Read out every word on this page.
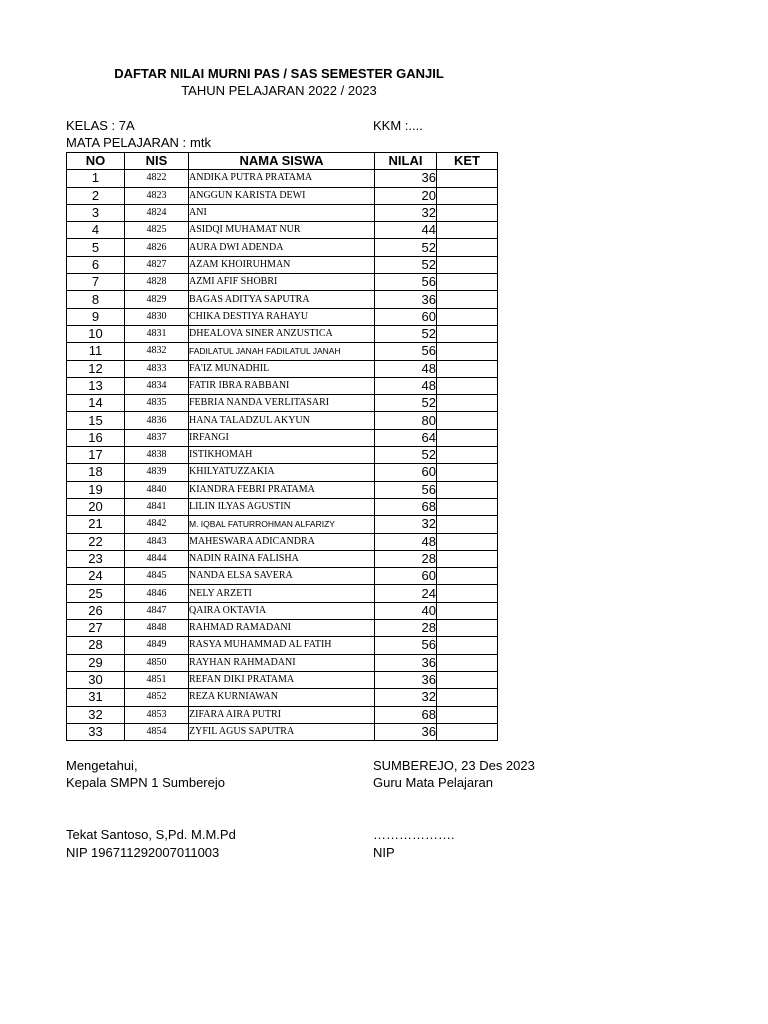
DAFTAR NILAI MURNI PAS / SAS SEMESTER GANJIL
TAHUN PELAJARAN 2022 / 2023
KELAS : 7A	KKM :....
MATA PELAJARAN : mtk
NO	NIS	NAMA SISWA	NILAI	KET
1	4822	ANDIKA PUTRA PRATAMA	36	
2	4823	ANGGUN KARISTA DEWI	20	
3	4824	ANI	32	
4	4825	ASIDQI MUHAMAT NUR	44	
5	4826	AURA DWI ADENDA	52	
6	4827	AZAM KHOIRUHMAN	52	
7	4828	AZMI AFIF SHOBRI	56	
8	4829	BAGAS ADITYA SAPUTRA	36	
9	4830	CHIKA DESTIYA RAHAYU	60	
10	4831	DHEALOVA SINER ANZUSTICA	52	
11	4832	FADILATUL JANAH FADILATUL JANAH	56	
12	4833	FA'IZ MUNADHIL	48	
13	4834	FATIR IBRA RABBANI	48	
14	4835	FEBRIA NANDA VERLITASARI	52	
15	4836	HANA TALADZUL AKYUN	80	
16	4837	IRFANGI	64	
17	4838	ISTIKHOMAH	52	
18	4839	KHILYATUZZAKIA	60	
19	4840	KIANDRA FEBRI PRATAMA	56	
20	4841	LILIN ILYAS AGUSTIN	68	
21	4842	M. IQBAL FATURROHMAN ALFARIZY	32	
22	4843	MAHESWARA ADICANDRA	48	
23	4844	NADIN RAINA FALISHA	28	
24	4845	NANDA ELSA SAVERA	60	
25	4846	NELY ARZETI	24	
26	4847	QAIRA OKTAVIA	40	
27	4848	RAHMAD RAMADANI	28	
28	4849	RASYA MUHAMMAD AL FATIH	56	
29	4850	RAYHAN RAHMADANI	36	
30	4851	REFAN DIKI PRATAMA	36	
31	4852	REZA KURNIAWAN	32	
32	4853	ZIFARA AIRA PUTRI	68	
33	4854	ZYFIL AGUS SAPUTRA	36	
Mengetahui,
Kepala SMPN 1 Sumberejo
Tekat Santoso, S,Pd. M.M.Pd
NIP 196711292007011003
SUMBEREJO, 23 Des 2023
Guru Mata Pelajaran
……………….
NIP
